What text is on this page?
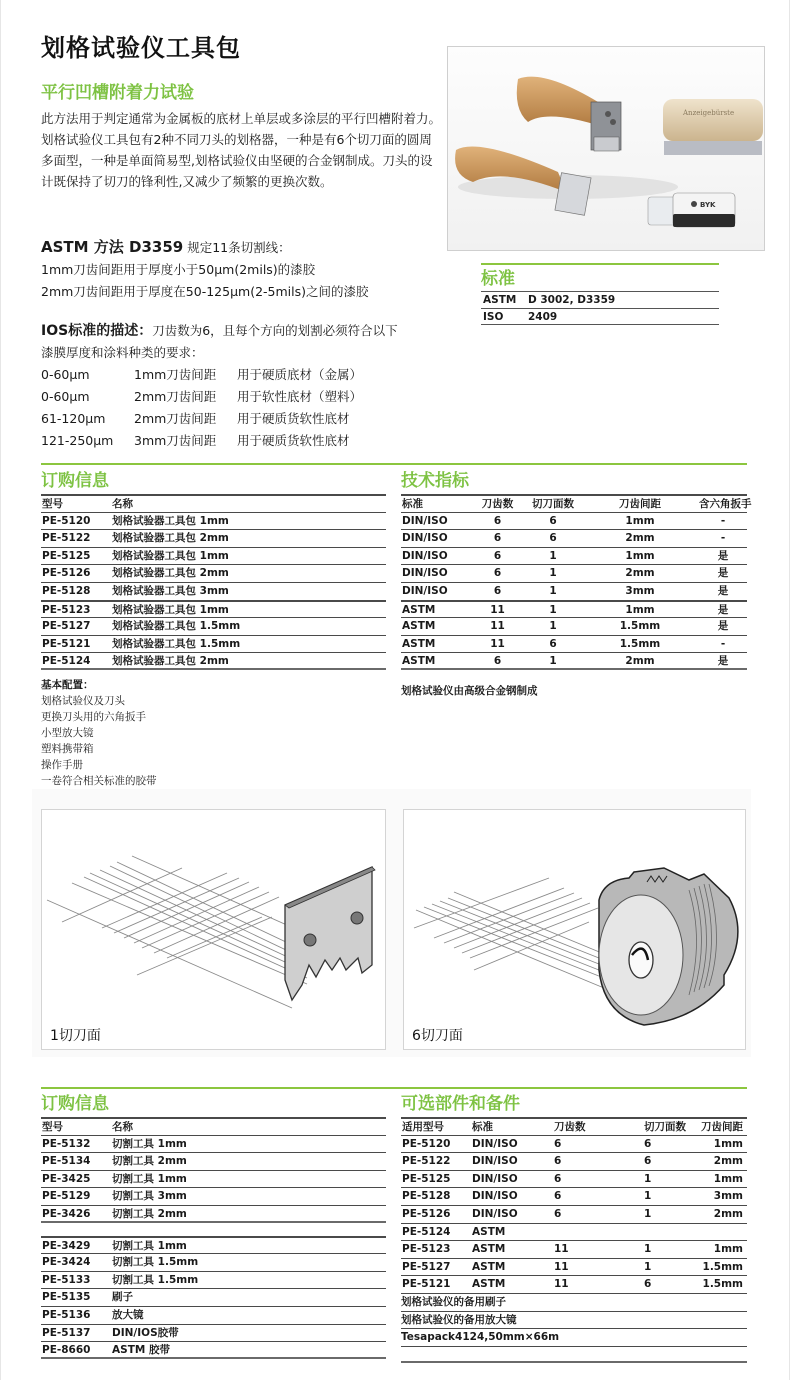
划格试验仪工具包
平行凹槽附着力试验

此方法用于判定通常为金属板的底材上单层或多涂层的平行凹槽附着力。划格试验仪工具包有2种不同刀头的划格器，一种是有6个切刀面的圆周多面型，一种是单面简易型,划格试验仪由坚硬的合金钢制成。刀头的设计既保持了切刀的锋利性,又减少了频繁的更换次数。

ASTM 方法 D3359 规定11条切割线：
1mm刀齿间距用于厚度小于50μm(2mils)的漆胶
2mm刀齿间距用于厚度在50-125μm(2-5mils)之间的漆胶
IOS标准的描述：刀齿数为6，且每个方向的划割必须符合以下
漆膜厚度和涂料种类的要求：
0-60μm	1mm刀齿间距	用于硬质底材（金属）
0-60μm	2mm刀齿间距	用于软性底材（塑料）
61-120μm	2mm刀齿间距	用于硬质货软性底材
121-250μm	3mm刀齿间距	用于硬质货软性底材
Anzeigebürste
BYK
标准
ASTM	D 3002, D3359
ISO	2409
订购信息
型号	名称
PE-5120	划格试验器工具包 1mm
PE-5122	划格试验器工具包 2mm
PE-5125	划格试验器工具包 1mm
PE-5126	划格试验器工具包 2mm
PE-5128	划格试验器工具包 3mm
PE-5123	划格试验器工具包 1mm
PE-5127	划格试验器工具包 1.5mm
PE-5121	划格试验器工具包 1.5mm
PE-5124	划格试验器工具包 2mm
技术指标
标准	刀齿数	切刀面数	刀齿间距	含六角扳手
DIN/ISO	6	6	1mm	-
DIN/ISO	6	6	2mm	-
DIN/ISO	6	1	1mm	是
DIN/ISO	6	1	2mm	是
DIN/ISO	6	1	3mm	是
ASTM	11	1	1mm	是
ASTM	11	1	1.5mm	是
ASTM	11	6	1.5mm	-
ASTM	6	1	2mm	是
基本配置：
划格试验仪及刀头
更换刀头用的六角扳手
小型放大镜
塑料携带箱
操作手册
一卷符合相关标准的胶带
划格试验仪由高级合金钢制成
1切刀面	6切刀面
订购信息
型号	名称
PE-5132	切割工具 1mm
PE-5134	切割工具 2mm
PE-3425	切割工具 1mm
PE-5129	切割工具 3mm
PE-3426	切割工具 2mm
PE-3429	切割工具 1mm
PE-3424	切割工具 1.5mm
PE-5133	切割工具 1.5mm
PE-5135	刷子
PE-5136	放大镜
PE-5137	DIN/IOS胶带
PE-8660	ASTM 胶带
可选部件和备件
适用型号	标准	刀齿数	切刀面数	刀齿间距
PE-5120	DIN/ISO	6	6	1mm
PE-5122	DIN/ISO	6	6	2mm
PE-5125	DIN/ISO	6	1	1mm
PE-5128	DIN/ISO	6	1	3mm
PE-5126	DIN/ISO	6	1	2mm
PE-5124	ASTM
PE-5123	ASTM	11	1	1mm
PE-5127	ASTM	11	1	1.5mm
PE-5121	ASTM	11	6	1.5mm
划格试验仪的备用刷子
划格试验仪的备用放大镜
Tesapack4124,50mm×66m
